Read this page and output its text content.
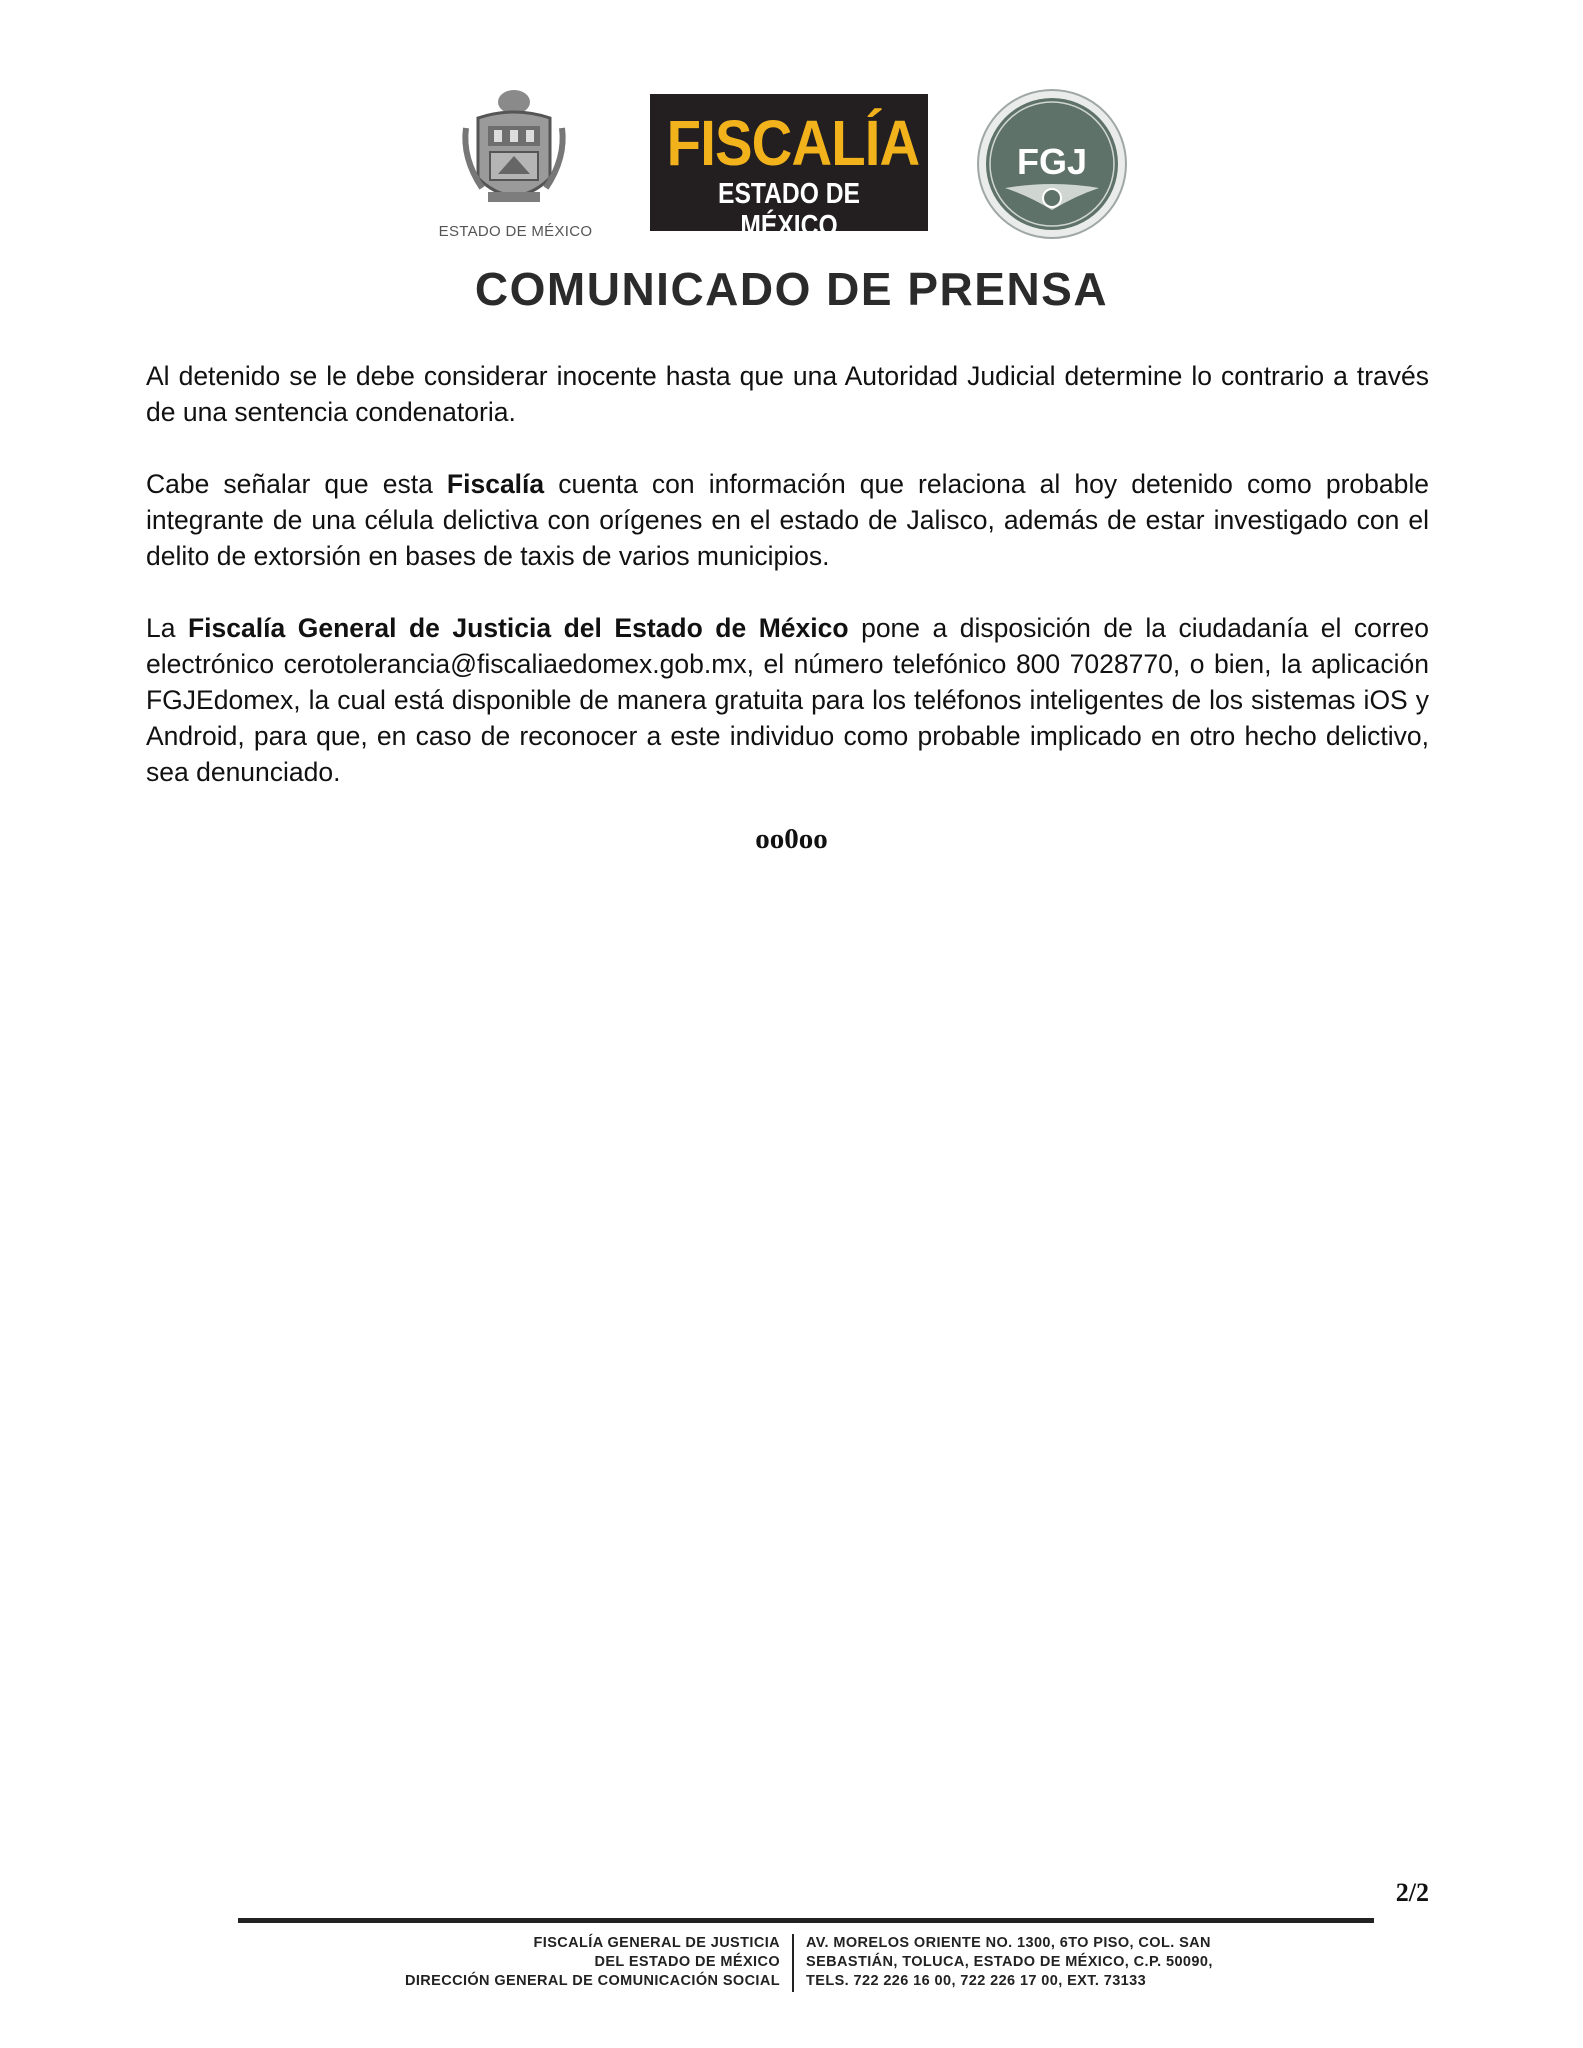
ESTADO DE MÉXICO
FISCALÍA
ESTADO DE MÉXICO
FGJ
COMUNICADO DE PRENSA

Al detenido se le debe considerar inocente hasta que una Autoridad Judicial determine lo contrario a través de una sentencia condenatoria.

Cabe señalar que esta Fiscalía cuenta con información que relaciona al hoy detenido como probable integrante de una célula delictiva con orígenes en el estado de Jalisco, además de estar investigado con el delito de extorsión en bases de taxis de varios municipios.

La Fiscalía General de Justicia del Estado de México pone a disposición de la ciudadanía el correo electrónico cerotolerancia@fiscaliaedomex.gob.mx, el número telefónico 800 7028770, o bien, la aplicación FGJEdomex, la cual está disponible de manera gratuita para los teléfonos inteligentes de los sistemas iOS y Android, para que, en caso de reconocer a este individuo como probable implicado en otro hecho delictivo, sea denunciado.

oo0oo
2/2
FISCALÍA GENERAL DE JUSTICIA
DEL ESTADO DE MÉXICO
DIRECCIÓN GENERAL DE COMUNICACIÓN SOCIAL
AV. MORELOS ORIENTE NO. 1300, 6TO PISO, COL. SAN
SEBASTIÁN, TOLUCA, ESTADO DE MÉXICO, C.P. 50090,
TELS. 722 226 16 00, 722 226 17 00, EXT. 73133
